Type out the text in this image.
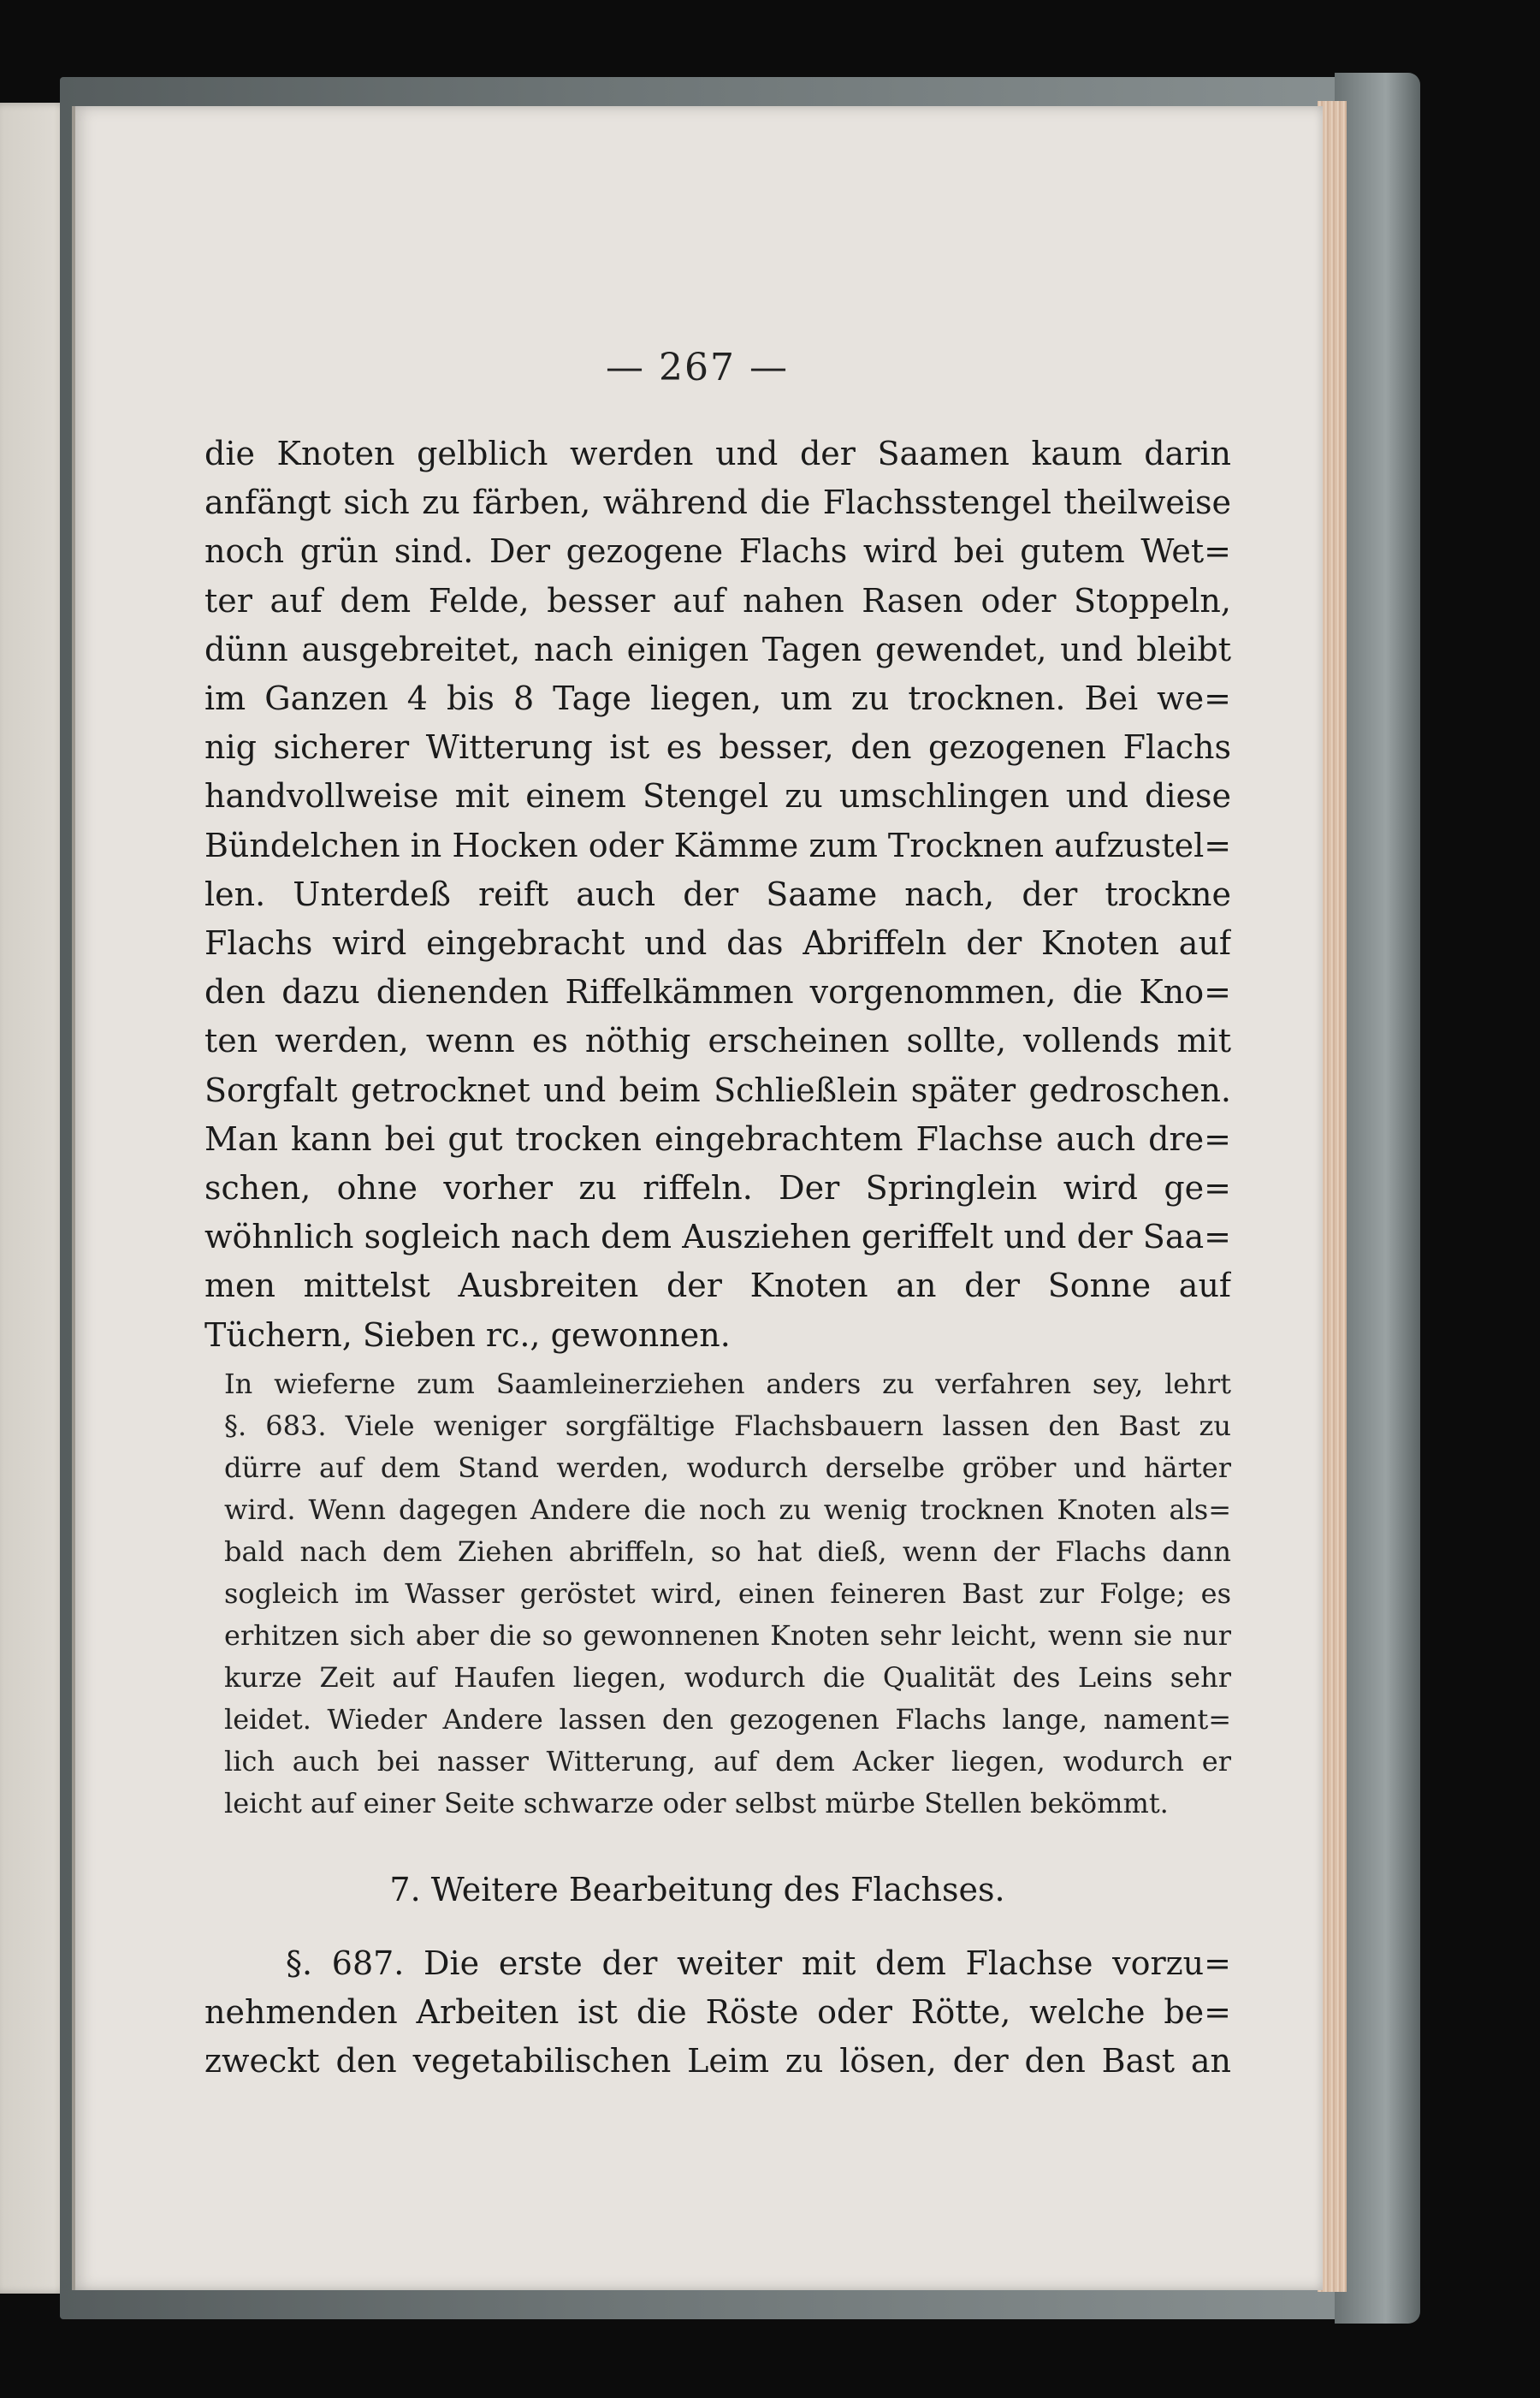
— 267 —
die Knoten gelblich werden und der Saamen kaum darin
anfängt sich zu färben, während die Flachsstengel theilweise
noch grün sind. Der gezogene Flachs wird bei gutem Wet=
ter auf dem Felde, besser auf nahen Rasen oder Stoppeln,
dünn ausgebreitet, nach einigen Tagen gewendet, und bleibt
im Ganzen 4 bis 8 Tage liegen, um zu trocknen. Bei we=
nig sicherer Witterung ist es besser, den gezogenen Flachs
handvollweise mit einem Stengel zu umschlingen und diese
Bündelchen in Hocken oder Kämme zum Trocknen aufzustel=
len. Unterdeß reift auch der Saame nach, der trockne
Flachs wird eingebracht und das Abriffeln der Knoten auf
den dazu dienenden Riffelkämmen vorgenommen, die Kno=
ten werden, wenn es nöthig erscheinen sollte, vollends mit
Sorgfalt getrocknet und beim Schließlein später gedroschen.
Man kann bei gut trocken eingebrachtem Flachse auch dre=
schen, ohne vorher zu riffeln. Der Springlein wird ge=
wöhnlich sogleich nach dem Ausziehen geriffelt und der Saa=
men mittelst Ausbreiten der Knoten an der Sonne auf
Tüchern, Sieben rc., gewonnen.
In wieferne zum Saamleinerziehen anders zu verfahren sey, lehrt
§. 683. Viele weniger sorgfältige Flachsbauern lassen den Bast zu
dürre auf dem Stand werden, wodurch derselbe gröber und härter
wird. Wenn dagegen Andere die noch zu wenig trocknen Knoten als=
bald nach dem Ziehen abriffeln, so hat dieß, wenn der Flachs dann
sogleich im Wasser geröstet wird, einen feineren Bast zur Folge; es
erhitzen sich aber die so gewonnenen Knoten sehr leicht, wenn sie nur
kurze Zeit auf Haufen liegen, wodurch die Qualität des Leins sehr
leidet. Wieder Andere lassen den gezogenen Flachs lange, nament=
lich auch bei nasser Witterung, auf dem Acker liegen, wodurch er
leicht auf einer Seite schwarze oder selbst mürbe Stellen bekömmt.
7. Weitere Bearbeitung des Flachses.
§. 687. Die erste der weiter mit dem Flachse vorzu=
nehmenden Arbeiten ist die Röste oder Rötte, welche be=
zweckt den vegetabilischen Leim zu lösen, der den Bast an
